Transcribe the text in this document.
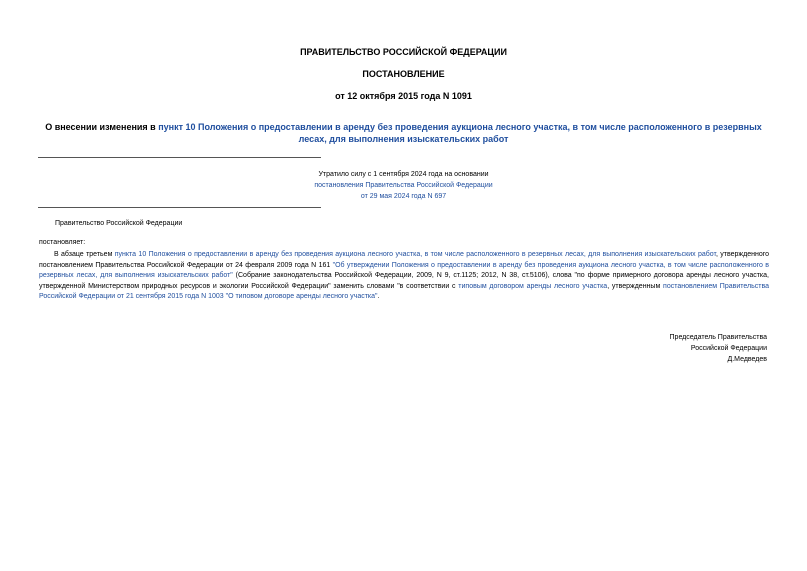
ПРАВИТЕЛЬСТВО РОССИЙСКОЙ ФЕДЕРАЦИИ
ПОСТАНОВЛЕНИЕ
от 12 октября 2015 года N 1091
О внесении изменения в пункт 10 Положения о предоставлении в аренду без проведения аукциона лесного участка, в том числе расположенного в резервных лесах, для выполнения изыскательских работ
Утратило силу с 1 сентября 2024 года на основании
постановления Правительства Российской Федерации
от 29 мая 2024 года N 697
Правительство Российской Федерации
постановляет:
В абзаце третьем пункта 10 Положения о предоставлении в аренду без проведения аукциона лесного участка, в том числе расположенного в резервных лесах, для выполнения изыскательских работ, утвержденного постановлением Правительства Российской Федерации от 24 февраля 2009 года N 161 "Об утверждении Положения о предоставлении в аренду без проведения аукциона лесного участка, в том числе расположенного в резервных лесах, для выполнения изыскательских работ" (Собрание законодательства Российской Федерации, 2009, N 9, ст.1125; 2012, N 38, ст.5106), слова "по форме примерного договора аренды лесного участка, утвержденной Министерством природных ресурсов и экологии Российской Федерации" заменить словами "в соответствии с типовым договором аренды лесного участка, утвержденным постановлением Правительства Российской Федерации от 21 сентября 2015 года N 1003 "О типовом договоре аренды лесного участка".
Председатель Правительства
Российской Федерации
Д.Медведев
